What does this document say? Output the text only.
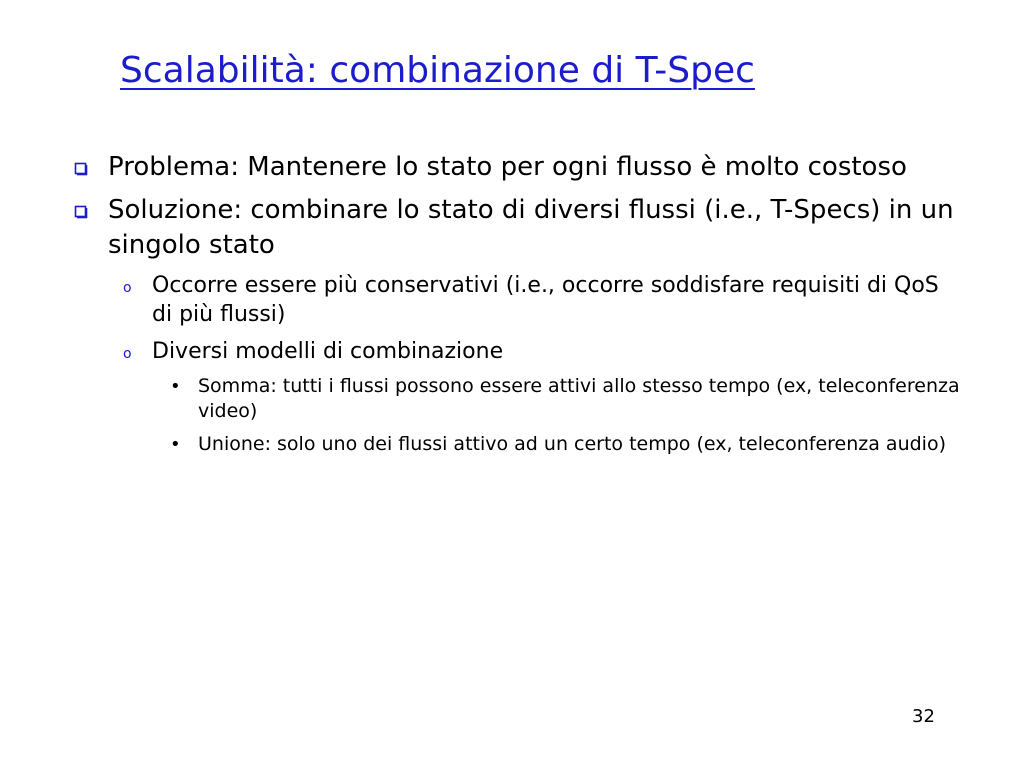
Scalabilità: combinazione di T-Spec
Problema: Mantenere lo stato per ogni flusso è molto costoso
Soluzione: combinare lo stato di diversi flussi (i.e., T-Specs) in un singolo stato
o Occorre essere più conservativi (i.e., occorre soddisfare requisiti di QoS di più flussi)
o Diversi modelli di combinazione
• Somma: tutti i flussi possono essere attivi allo stesso tempo (ex, teleconferenza video)
• Unione: solo uno dei flussi attivo ad un certo tempo (ex, teleconferenza audio)
32
